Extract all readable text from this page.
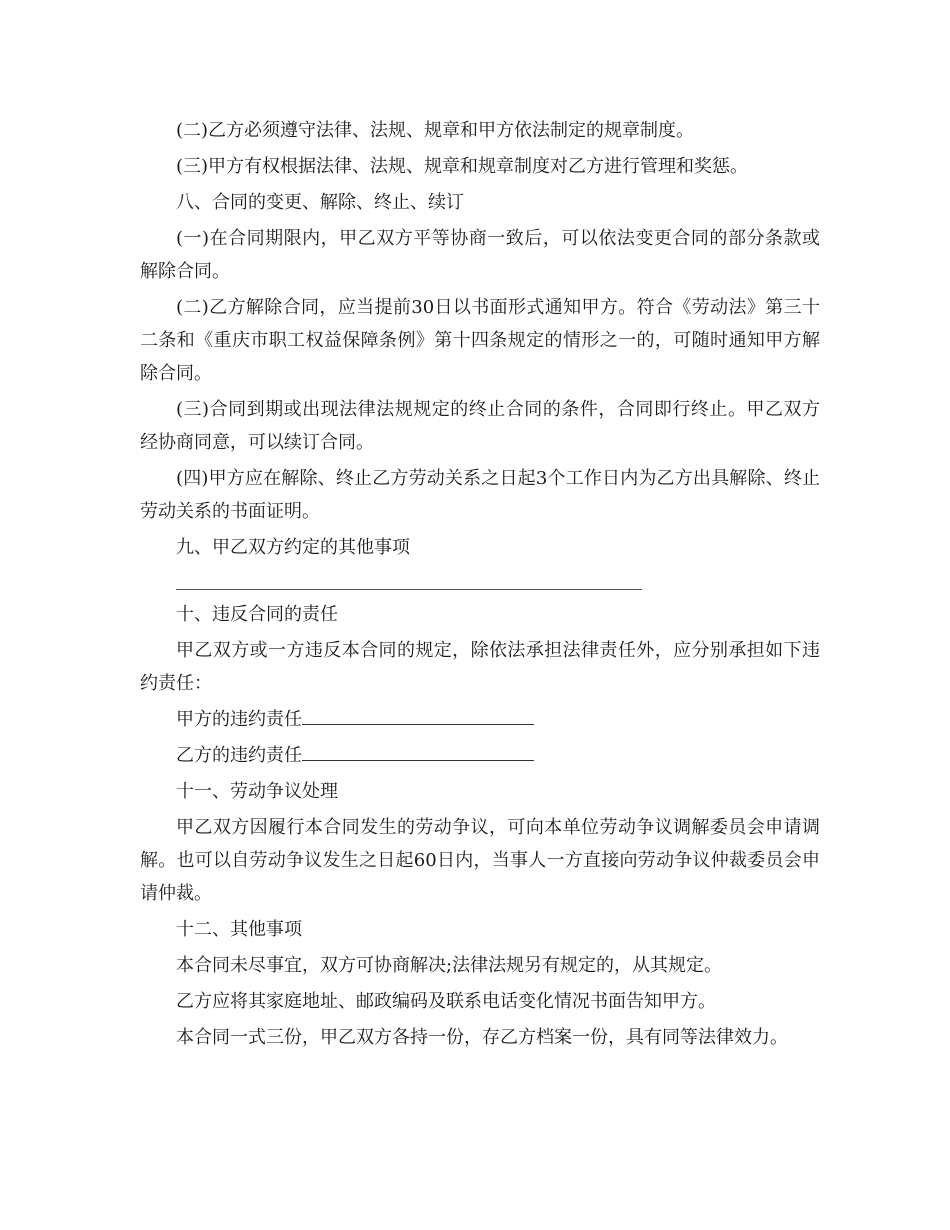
(二)乙方必须遵守法律、法规、规章和甲方依法制定的规章制度。

(三)甲方有权根据法律、法规、规章和规章制度对乙方进行管理和奖惩。

八、合同的变更、解除、终止、续订

(一)在合同期限内，甲乙双方平等协商一致后，可以依法变更合同的部分条款或解除合同。

(二)乙方解除合同，应当提前30日以书面形式通知甲方。符合《劳动法》第三十二条和《重庆市职工权益保障条例》第十四条规定的情形之一的，可随时通知甲方解除合同。

(三)合同到期或出现法律法规规定的终止合同的条件，合同即行终止。甲乙双方经协商同意，可以续订合同。

(四)甲方应在解除、终止乙方劳动关系之日起3个工作日内为乙方出具解除、终止劳动关系的书面证明。

九、甲乙双方约定的其他事项

十、违反合同的责任

甲乙双方或一方违反本合同的规定，除依法承担法律责任外，应分别承担如下违约责任：

甲方的违约责任

乙方的违约责任

十一、劳动争议处理

甲乙双方因履行本合同发生的劳动争议，可向本单位劳动争议调解委员会申请调解。也可以自劳动争议发生之日起60日内，当事人一方直接向劳动争议仲裁委员会申请仲裁。

十二、其他事项

本合同未尽事宜，双方可协商解决;法律法规另有规定的，从其规定。

乙方应将其家庭地址、邮政编码及联系电话变化情况书面告知甲方。

本合同一式三份，甲乙双方各持一份，存乙方档案一份，具有同等法律效力。
